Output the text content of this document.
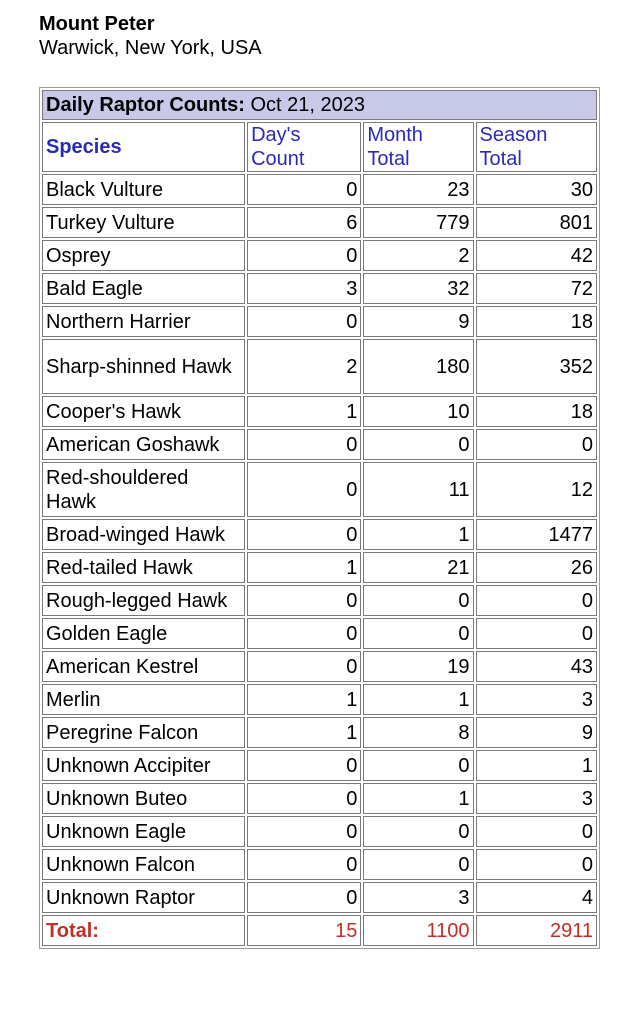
Mount Peter
Warwick, New York, USA
Daily Raptor Counts: Oct 21, 2023			
Species	Day's Count	Month Total	Season Total
Black Vulture	0	23	30
Turkey Vulture	6	779	801
Osprey	0	2	42
Bald Eagle	3	32	72
Northern Harrier	0	9	18
Sharp-shinned Hawk	2	180	352
Cooper's Hawk	1	10	18
American Goshawk	0	0	0
Red-shouldered Hawk	0	11	12
Broad-winged Hawk	0	1	1477
Red-tailed Hawk	1	21	26
Rough-legged Hawk	0	0	0
Golden Eagle	0	0	0
American Kestrel	0	19	43
Merlin	1	1	3
Peregrine Falcon	1	8	9
Unknown Accipiter	0	0	1
Unknown Buteo	0	1	3
Unknown Eagle	0	0	0
Unknown Falcon	0	0	0
Unknown Raptor	0	3	4
Total:	15	1100	2911
